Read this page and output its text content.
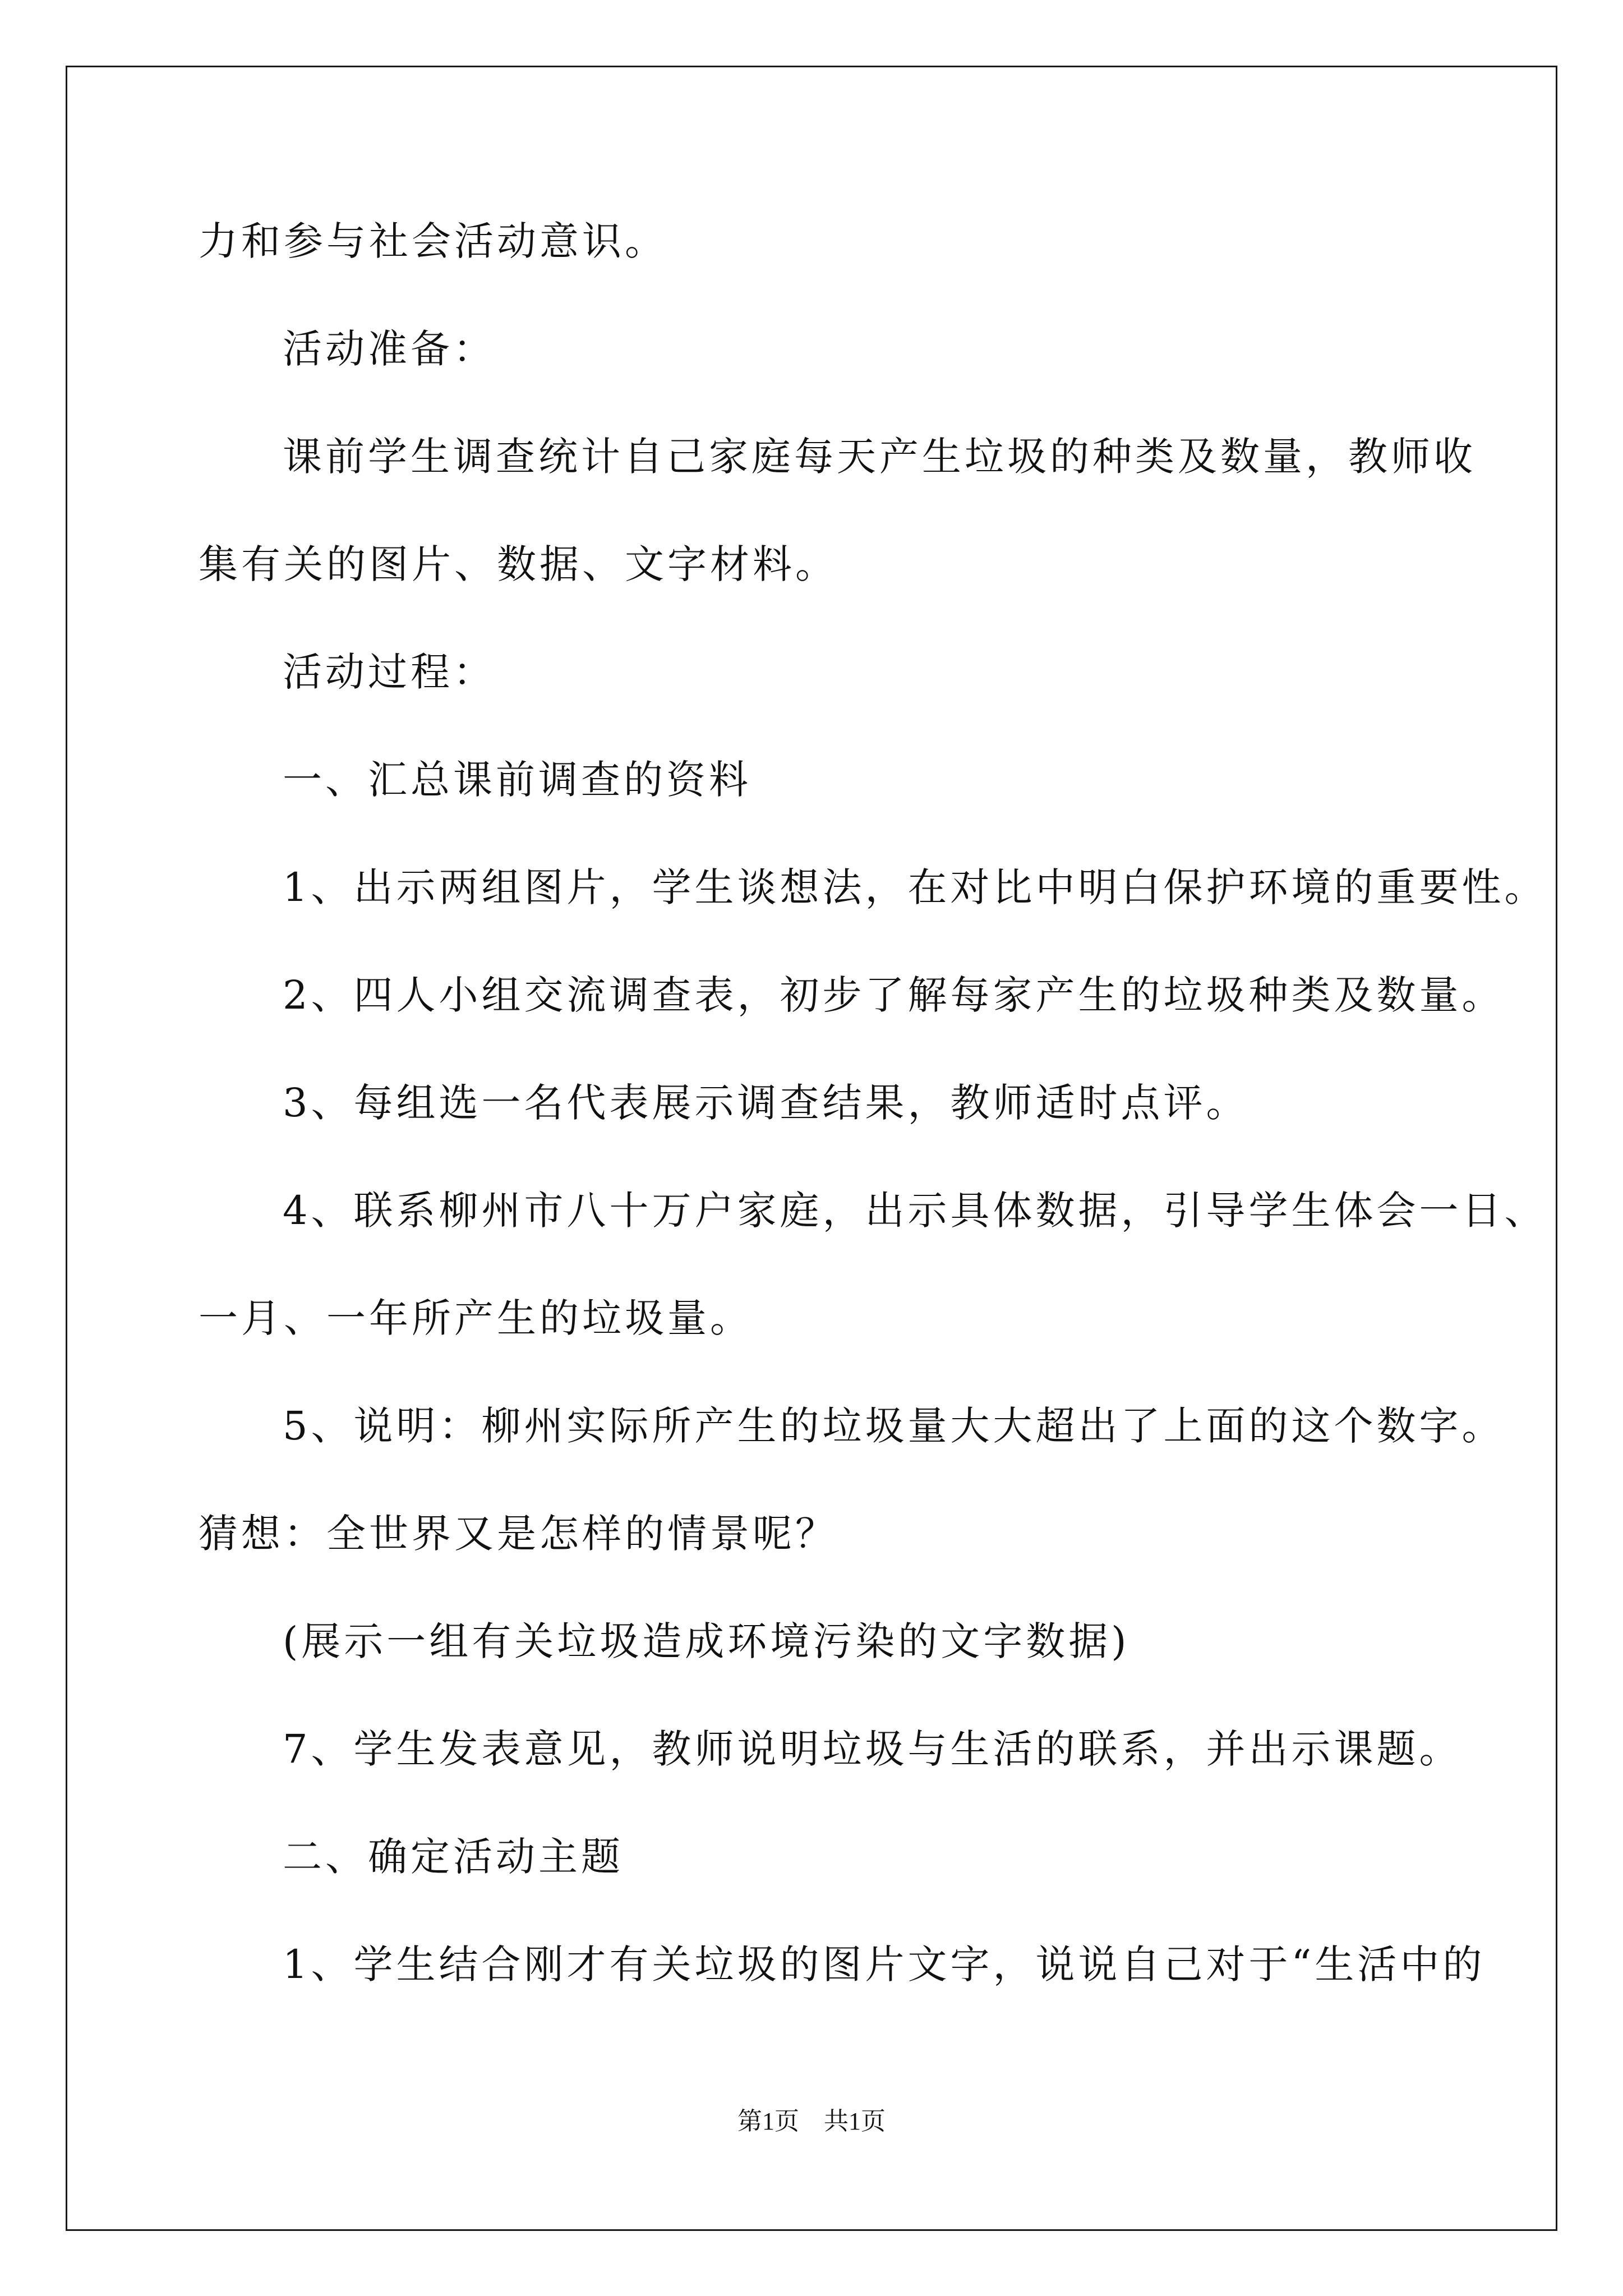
力和参与社会活动意识。
活动准备：
课前学生调查统计自己家庭每天产生垃圾的种类及数量，教师收
集有关的图片、数据、文字材料。
活动过程：
一、汇总课前调查的资料
1、出示两组图片，学生谈想法，在对比中明白保护环境的重要性。
2、四人小组交流调查表，初步了解每家产生的垃圾种类及数量。
3、每组选一名代表展示调查结果，教师适时点评。
4、联系柳州市八十万户家庭，出示具体数据，引导学生体会一日、
一月、一年所产生的垃圾量。
5、说明：柳州实际所产生的垃圾量大大超出了上面的这个数字。
猜想：全世界又是怎样的情景呢？
(展示一组有关垃圾造成环境污染的文字数据)
7、学生发表意见，教师说明垃圾与生活的联系，并出示课题。
二、确定活动主题
1、学生结合刚才有关垃圾的图片文字，说说自己对于“生活中的
第1页　共1页
